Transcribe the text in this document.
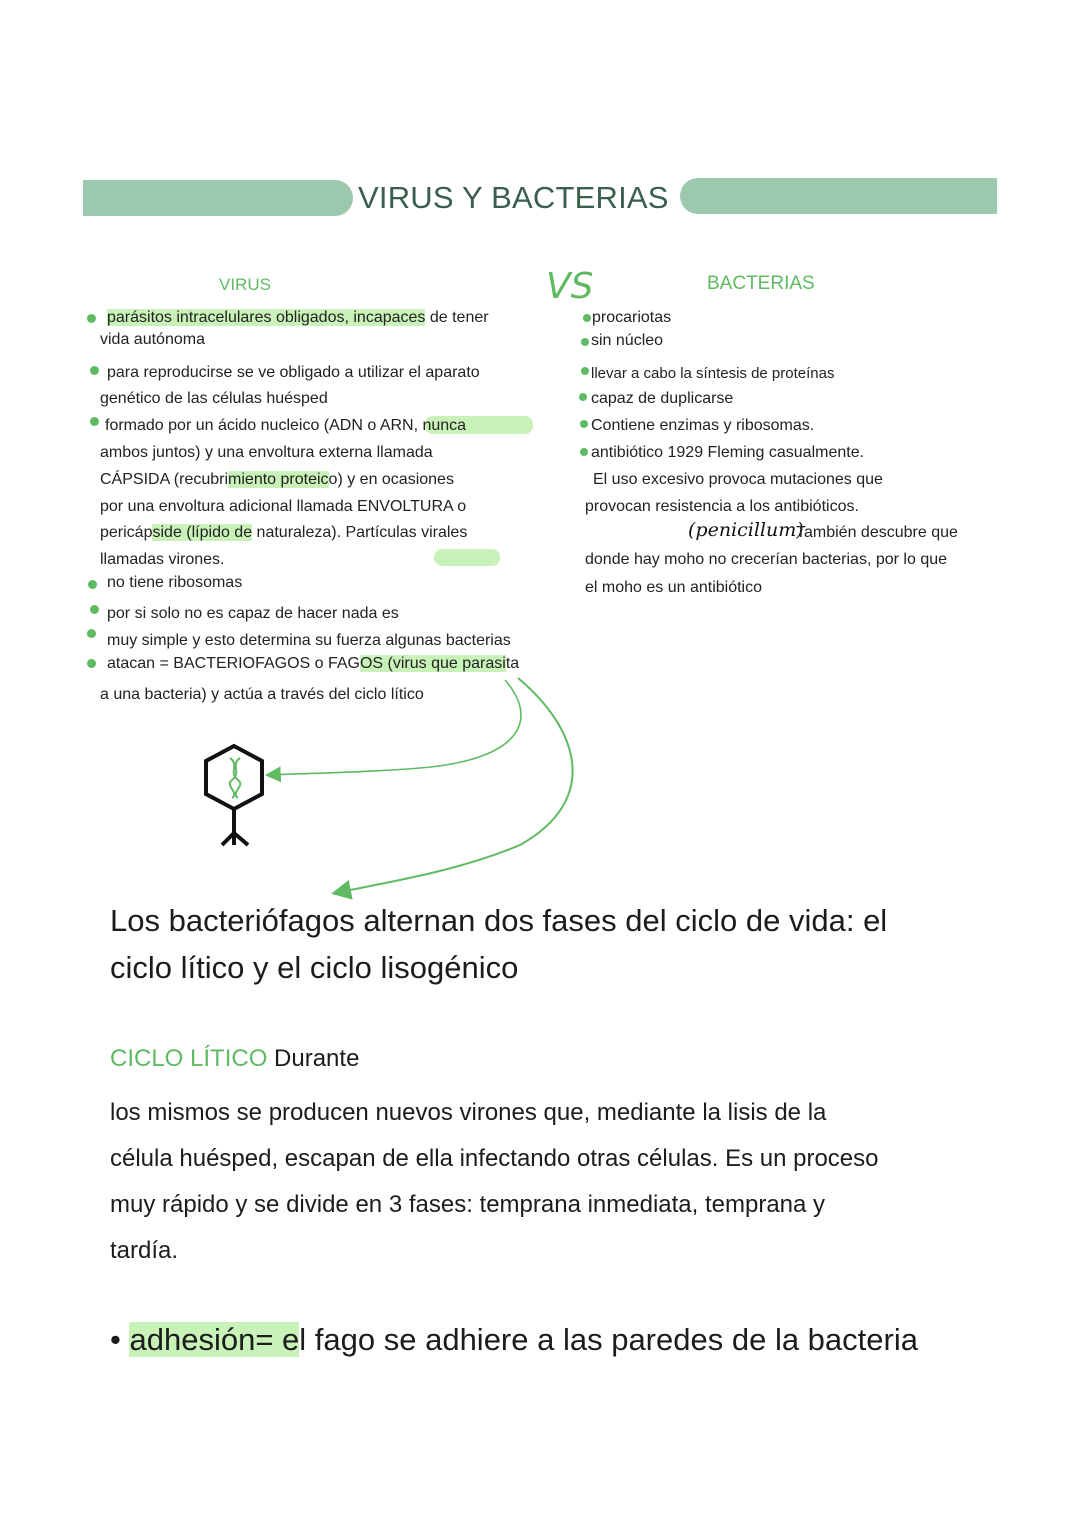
VIRUS Y BACTERIAS
VIRUS	VS	BACTERIAS
parásitos intracelulares obligados, incapaces de tener
vida autónoma
para reproducirse se ve obligado a utilizar el aparato
genético de las células huésped
formado por un ácido nucleico (ADN o ARN, nunca
ambos juntos) y una envoltura externa llamada
CÁPSIDA (recubrimiento proteico) y en ocasiones
por una envoltura adicional llamada ENVOLTURA o
pericápside (lípido de naturaleza). Partículas virales
llamadas virones.
no tiene ribosomas
por si solo no es capaz de hacer nada es
muy simple y esto determina su fuerza algunas bacterias
atacan = BACTERIOFAGOS o FAGOS (virus que parasita
a una bacteria) y actúa a través del ciclo lítico
procariotas
sin núcleo
llevar a cabo la síntesis de proteínas
capaz de duplicarse
Contiene enzimas y ribosomas.
antibiótico 1929 Fleming casualmente.
El uso excesivo provoca mutaciones que
provocan resistencia a los antibióticos.
(penicillum)
También descubre que
donde hay moho no crecerían bacterias, por lo que
el moho es un antibiótico
Los bacteriófagos alternan dos fases del ciclo de vida: el
ciclo lítico y el ciclo lisogénico
CICLO LÍTICO Durante
los mismos se producen nuevos virones que, mediante la lisis de la
célula huésped, escapan de ella infectando otras células. Es un proceso
muy rápido y se divide en 3 fases: temprana inmediata, temprana y
tardía.
• adhesión= el fago se adhiere a las paredes de la bacteria
